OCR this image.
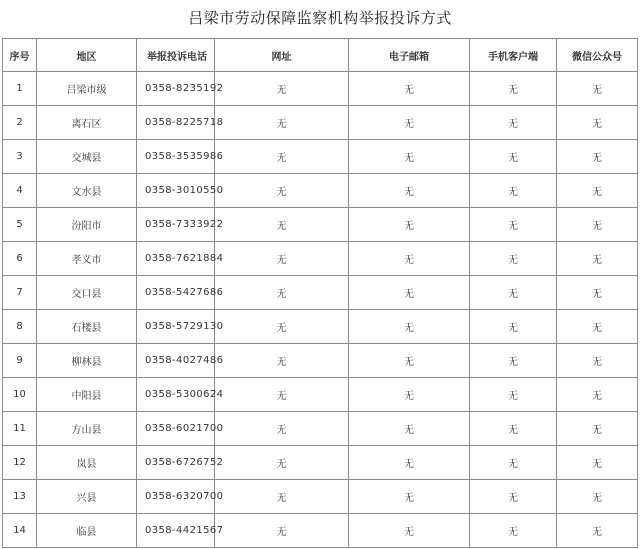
吕梁市劳动保障监察机构举报投诉方式
序号	地区	举报投诉电话	网址	电子邮箱	手机客户端	微信公众号
1	吕梁市级	0358-8235192	无	无	无	无
2	离石区	0358-8225718	无	无	无	无
3	交城县	0358-3535986	无	无	无	无
4	文水县	0358-3010550	无	无	无	无
5	汾阳市	0358-7333922	无	无	无	无
6	孝义市	0358-7621884	无	无	无	无
7	交口县	0358-5427686	无	无	无	无
8	石楼县	0358-5729130	无	无	无	无
9	柳林县	0358-4027486	无	无	无	无
10	中阳县	0358-5300624	无	无	无	无
11	方山县	0358-6021700	无	无	无	无
12	岚县	0358-6726752	无	无	无	无
13	兴县	0358-6320700	无	无	无	无
14	临县	0358-4421567	无	无	无	无
